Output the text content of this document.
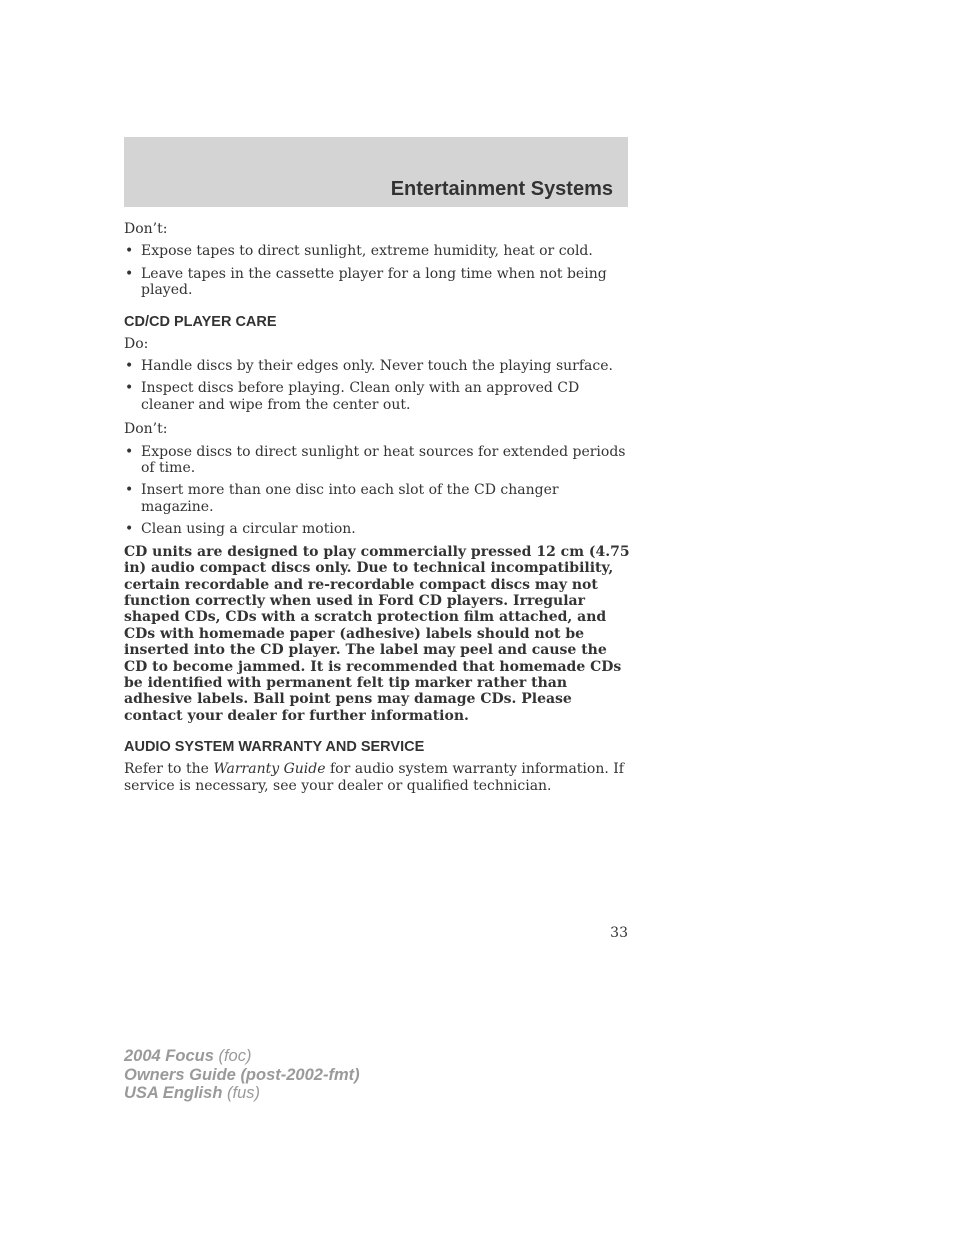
Entertainment Systems

Don’t:

• Expose tapes to direct sunlight, extreme humidity, heat or cold.
• Leave tapes in the cassette player for a long time when not being played.
CD/CD PLAYER CARE

Do:

• Handle discs by their edges only. Never touch the playing surface.
• Inspect discs before playing. Clean only with an approved CD cleaner and wipe from the center out.

Don’t:

• Expose discs to direct sunlight or heat sources for extended periods of time.
• Insert more than one disc into each slot of the CD changer magazine.
• Clean using a circular motion.

CD units are designed to play commercially pressed 12 cm (4.75 in) audio compact discs only. Due to technical incompatibility, certain recordable and re-recordable compact discs may not function correctly when used in Ford CD players. Irregular shaped CDs, CDs with a scratch protection film attached, and CDs with homemade paper (adhesive) labels should not be inserted into the CD player. The label may peel and cause the CD to become jammed. It is recommended that homemade CDs be identified with permanent felt tip marker rather than adhesive labels. Ball point pens may damage CDs. Please contact your dealer for further information.

AUDIO SYSTEM WARRANTY AND SERVICE

Refer to the Warranty Guide for audio system warranty information. If service is necessary, see your dealer or qualified technician.

33
2004 Focus (foc)
Owners Guide (post-2002-fmt)
USA English (fus)
